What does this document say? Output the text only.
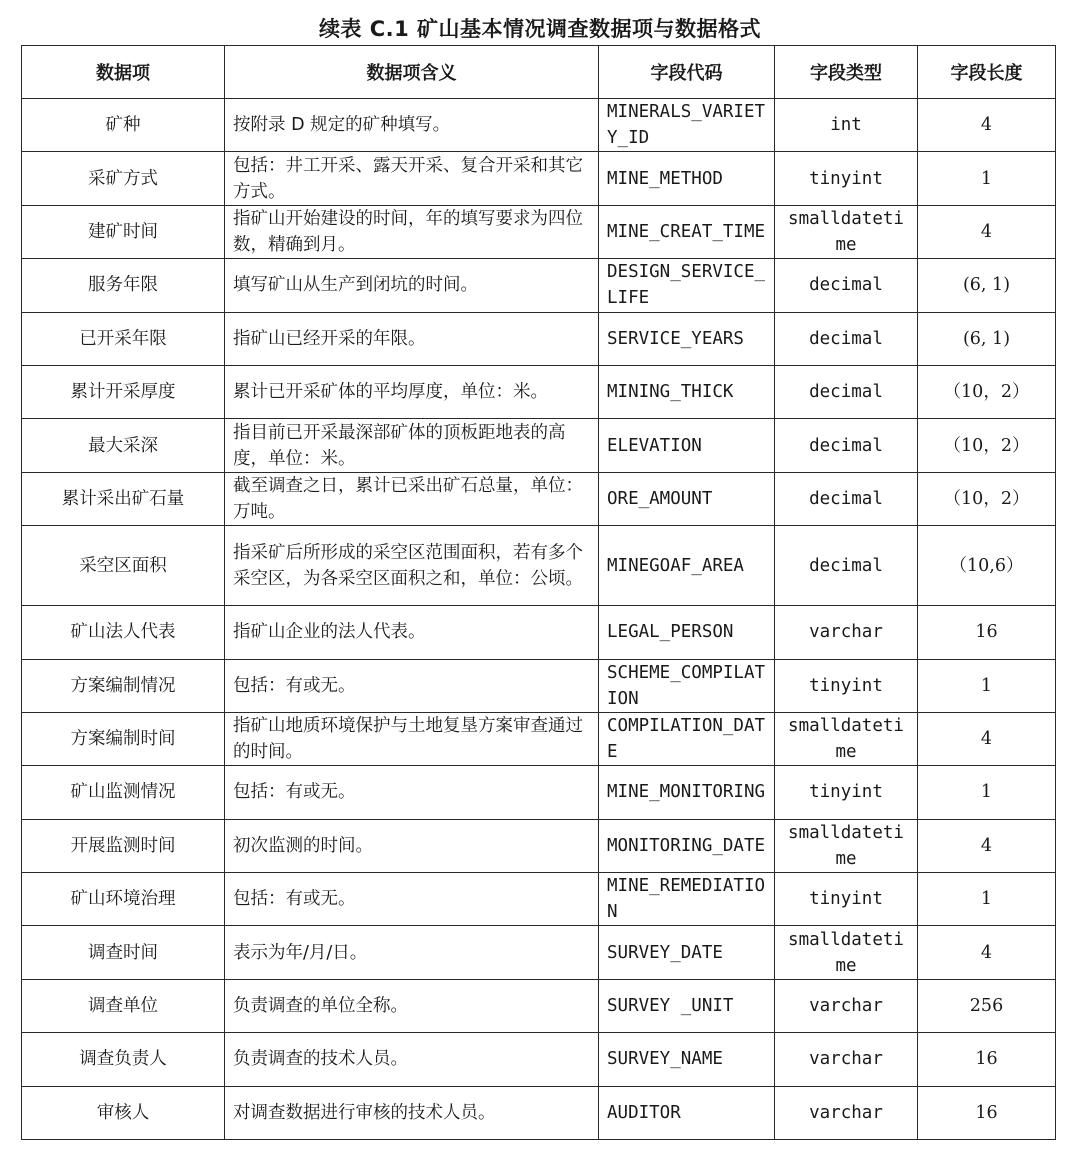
续表 C.1 矿山基本情况调查数据项与数据格式
数据项	数据项含义	字段代码	字段类型	字段长度
矿种	按附录 D 规定的矿种填写。	MINERALS_VARIETY_ID	int	4
采矿方式	包括：井工开采、露天开采、复合开采和其它方式。	MINE_METHOD	tinyint	1
建矿时间	指矿山开始建设的时间，年的填写要求为四位数，精确到月。	MINE_CREAT_TIME	smalldatetime	4
服务年限	填写矿山从生产到闭坑的时间。	DESIGN_SERVICE_LIFE	decimal	(6, 1)
已开采年限	指矿山已经开采的年限。	SERVICE_YEARS	decimal	(6, 1)
累计开采厚度	累计已开采矿体的平均厚度，单位：米。	MINING_THICK	decimal	（10，2）
最大采深	指目前已开采最深部矿体的顶板距地表的高度，单位：米。	ELEVATION	decimal	（10，2）
累计采出矿石量	截至调查之日，累计已采出矿石总量，单位：万吨。	ORE_AMOUNT	decimal	（10，2）
采空区面积	指采矿后所形成的采空区范围面积，若有多个采空区，为各采空区面积之和，单位：公顷。	MINEGOAF_AREA	decimal	（10,6）
矿山法人代表	指矿山企业的法人代表。	LEGAL_PERSON	varchar	16
方案编制情况	包括：有或无。	SCHEME_COMPILATION	tinyint	1
方案编制时间	指矿山地质环境保护与土地复垦方案审查通过的时间。	COMPILATION_DATE	smalldatetime	4
矿山监测情况	包括：有或无。	MINE_MONITORING	tinyint	1
开展监测时间	初次监测的时间。	MONITORING_DATE	smalldatetime	4
矿山环境治理	包括：有或无。	MINE_REMEDIATION	tinyint	1
调查时间	表示为年/月/日。	SURVEY_DATE	smalldatetime	4
调查单位	负责调查的单位全称。	SURVEY _UNIT	varchar	256
调查负责人	负责调查的技术人员。	SURVEY_NAME	varchar	16
审核人	对调查数据进行审核的技术人员。	AUDITOR	varchar	16
